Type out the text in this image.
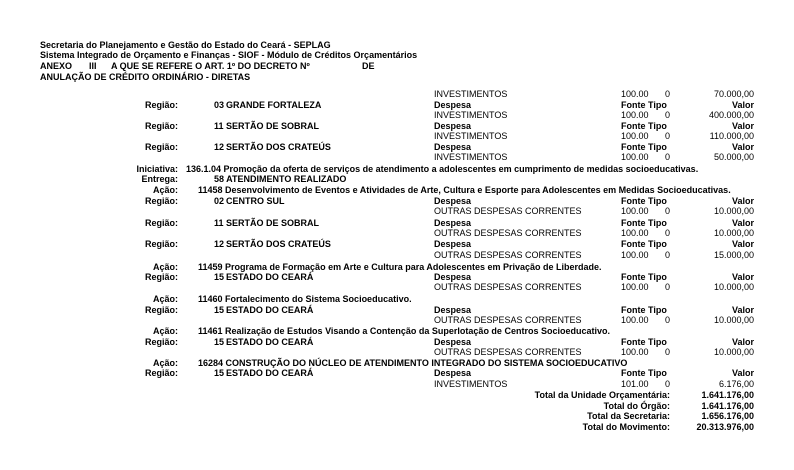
Secretaria do Planejamento e Gestão do Estado do Ceará - SEPLAG
Sistema Integrado de Orçamento e Finanças - SIOF - Módulo de Créditos Orçamentários
ANEXO III A QUE SE REFERE O ART. 1º DO DECRETO Nº	DE
ANULAÇÃO DE CRÉDITO ORDINÁRIO - DIRETAS
INVESTIMENTOS	100.00 0	70.000,00
Região:	03 GRANDE FORTALEZA	Despesa	Fonte Tipo	Valor
INVESTIMENTOS	100.00 0	400.000,00
Região:	11 SERTÃO DE SOBRAL	Despesa	Fonte Tipo	Valor
INVESTIMENTOS	100.00 0	110.000,00
Região:	12 SERTÃO DOS CRATEÚS	Despesa	Fonte Tipo	Valor
INVESTIMENTOS	100.00 0	50.000,00
Iniciativa: 136.1.04 Promoção da oferta de serviços de atendimento a adolescentes em cumprimento de medidas socioeducativas.
Entrega:	58 ATENDIMENTO REALIZADO
Ação: 11458 Desenvolvimento de Eventos e Atividades de Arte, Cultura e Esporte para Adolescentes em Medidas Socioeducativas.
Região:	02 CENTRO SUL	Despesa	Fonte Tipo	Valor
OUTRAS DESPESAS CORRENTES	100.00 0	10.000,00
Região:	11 SERTÃO DE SOBRAL	Despesa	Fonte Tipo	Valor
OUTRAS DESPESAS CORRENTES	100.00 0	10.000,00
Região:	12 SERTÃO DOS CRATEÚS	Despesa	Fonte Tipo	Valor
OUTRAS DESPESAS CORRENTES	100.00 0	15.000,00
Ação: 11459 Programa de Formação em Arte e Cultura para Adolescentes em Privação de Liberdade.
Região:	15 ESTADO DO CEARÁ	Despesa	Fonte Tipo	Valor
OUTRAS DESPESAS CORRENTES	100.00 0	10.000,00
Ação: 11460 Fortalecimento do Sistema Socioeducativo.
Região:	15 ESTADO DO CEARÁ	Despesa	Fonte Tipo	Valor
OUTRAS DESPESAS CORRENTES	100.00 0	10.000,00
Ação: 11461 Realização de Estudos Visando a Contenção da Superlotação de Centros Socioeducativo.
Região:	15 ESTADO DO CEARÁ	Despesa	Fonte Tipo	Valor
OUTRAS DESPESAS CORRENTES	100.00 0	10.000,00
Ação: 16284 CONSTRUÇÃO DO NÚCLEO DE ATENDIMENTO INTEGRADO DO SISTEMA SOCIOEDUCATIVO
Região:	15 ESTADO DO CEARÁ	Despesa	Fonte Tipo	Valor
INVESTIMENTOS	101.00 0	6.176,00
Total da Unidade Orçamentária:	1.641.176,00
Total do Órgão:	1.641.176,00
Total da Secretaria:	1.656.176,00
Total do Movimento:	20.313.976,00
